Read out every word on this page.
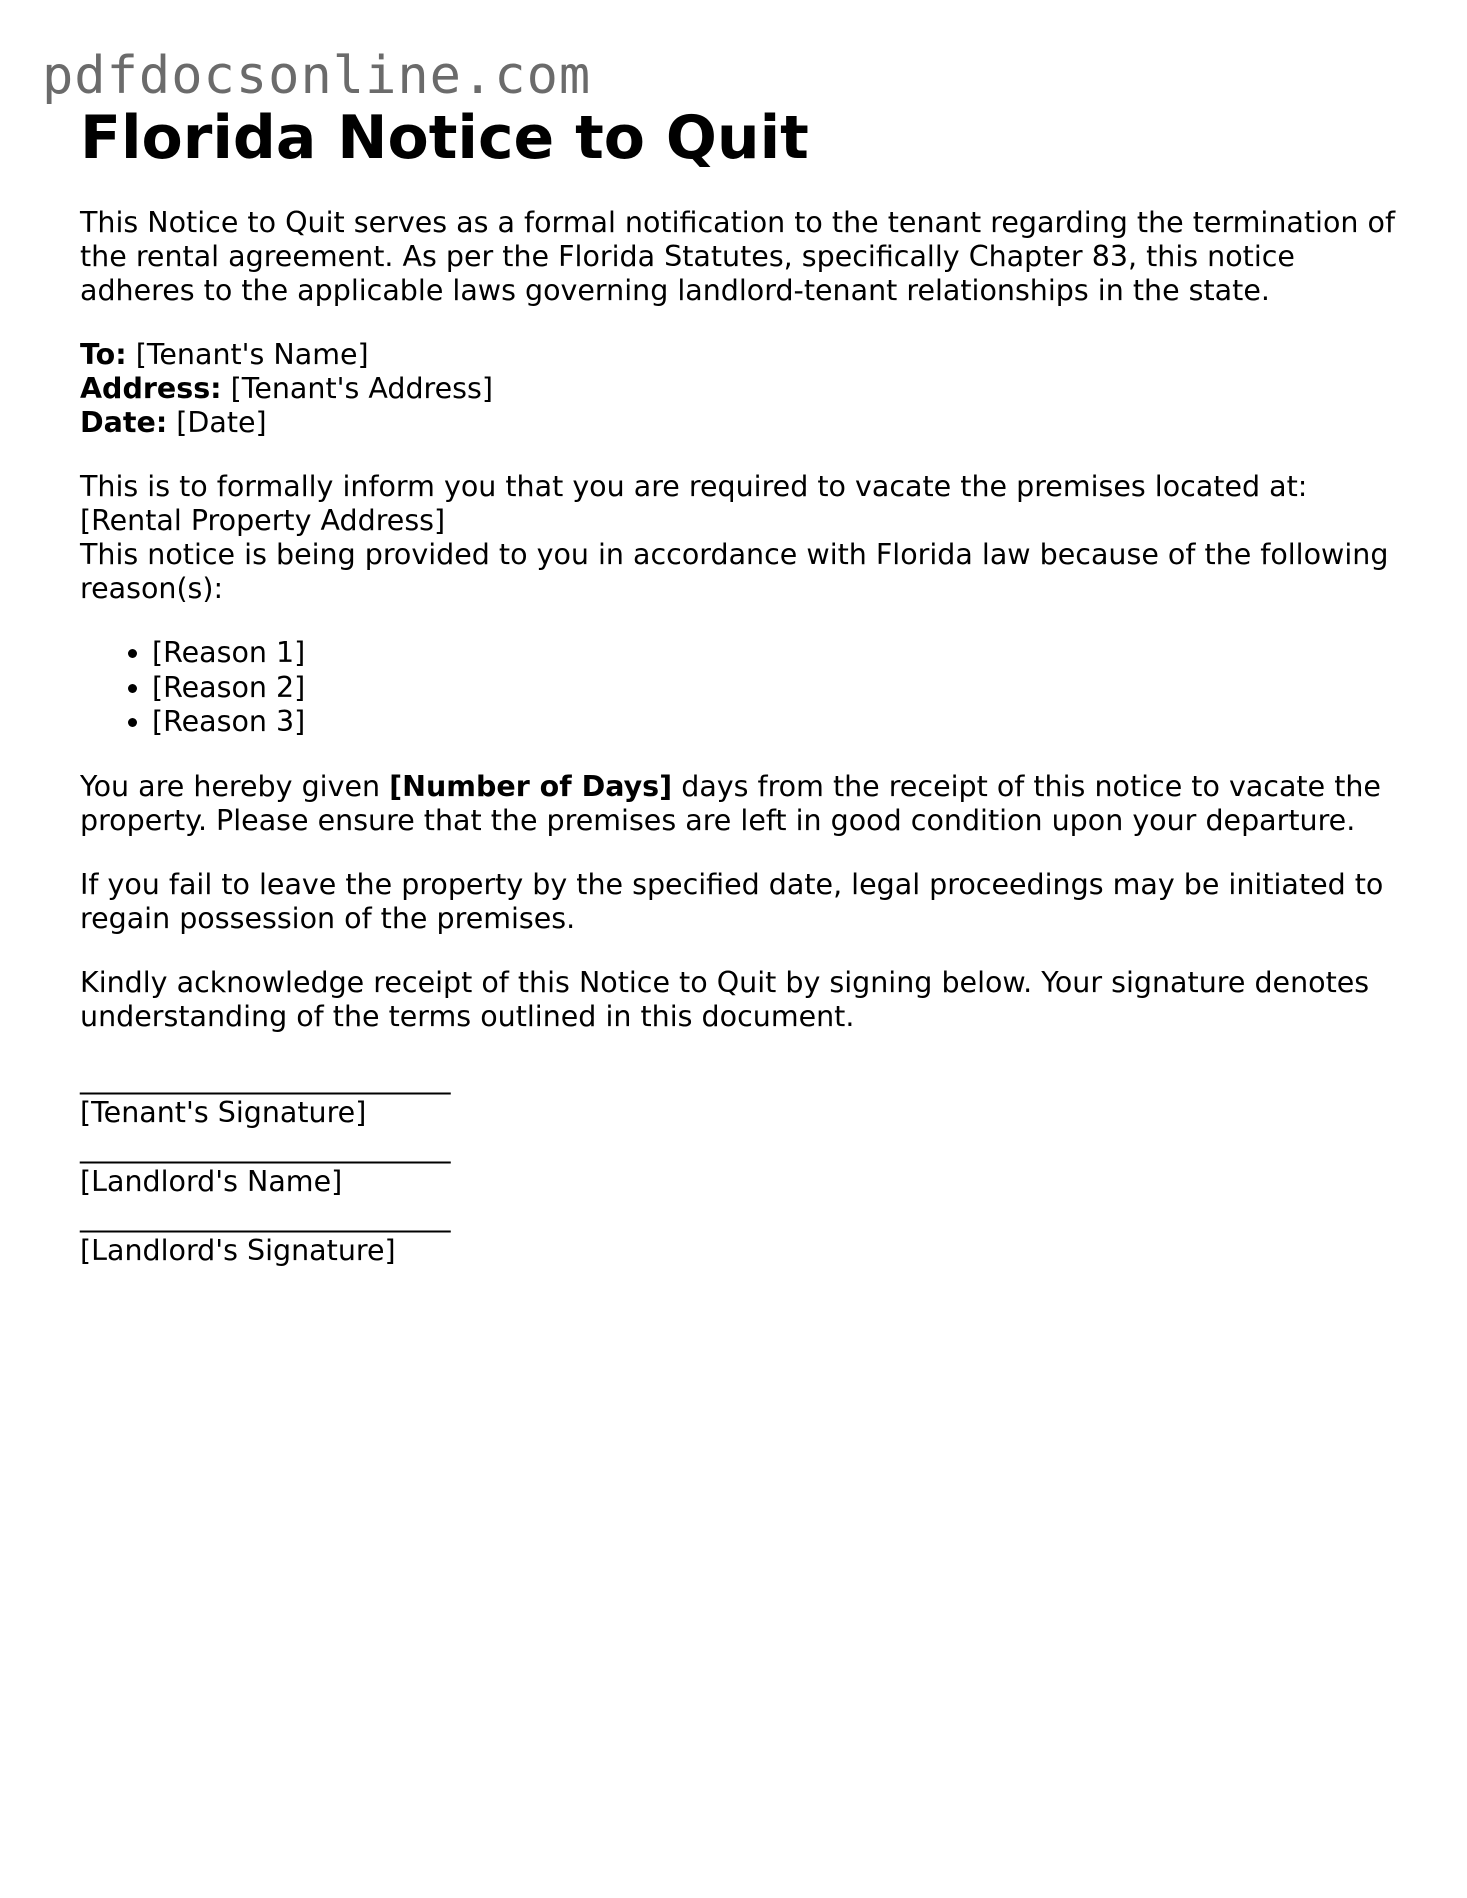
pdfdocsonline.com
Florida Notice to Quit

This Notice to Quit serves as a formal notification to the tenant regarding the termination of the rental agreement. As per the Florida Statutes, specifically Chapter 83, this notice adheres to the applicable laws governing landlord-tenant relationships in the state.

To: [Tenant's Name]

Address: [Tenant's Address]

Date: [Date]

This is to formally inform you that you are required to vacate the premises located at:

[Rental Property Address]

This notice is being provided to you in accordance with Florida law because of the following reason(s):

• [Reason 1]
• [Reason 2]
• [Reason 3]

You are hereby given [Number of Days] days from the receipt of this notice to vacate the property. Please ensure that the premises are left in good condition upon your departure.

If you fail to leave the property by the specified date, legal proceedings may be initiated to regain possession of the premises.

Kindly acknowledge receipt of this Notice to Quit by signing below. Your signature denotes understanding of the terms outlined in this document.

__________________________
[Tenant's Signature]
__________________________
[Landlord's Name]
__________________________
[Landlord's Signature]
